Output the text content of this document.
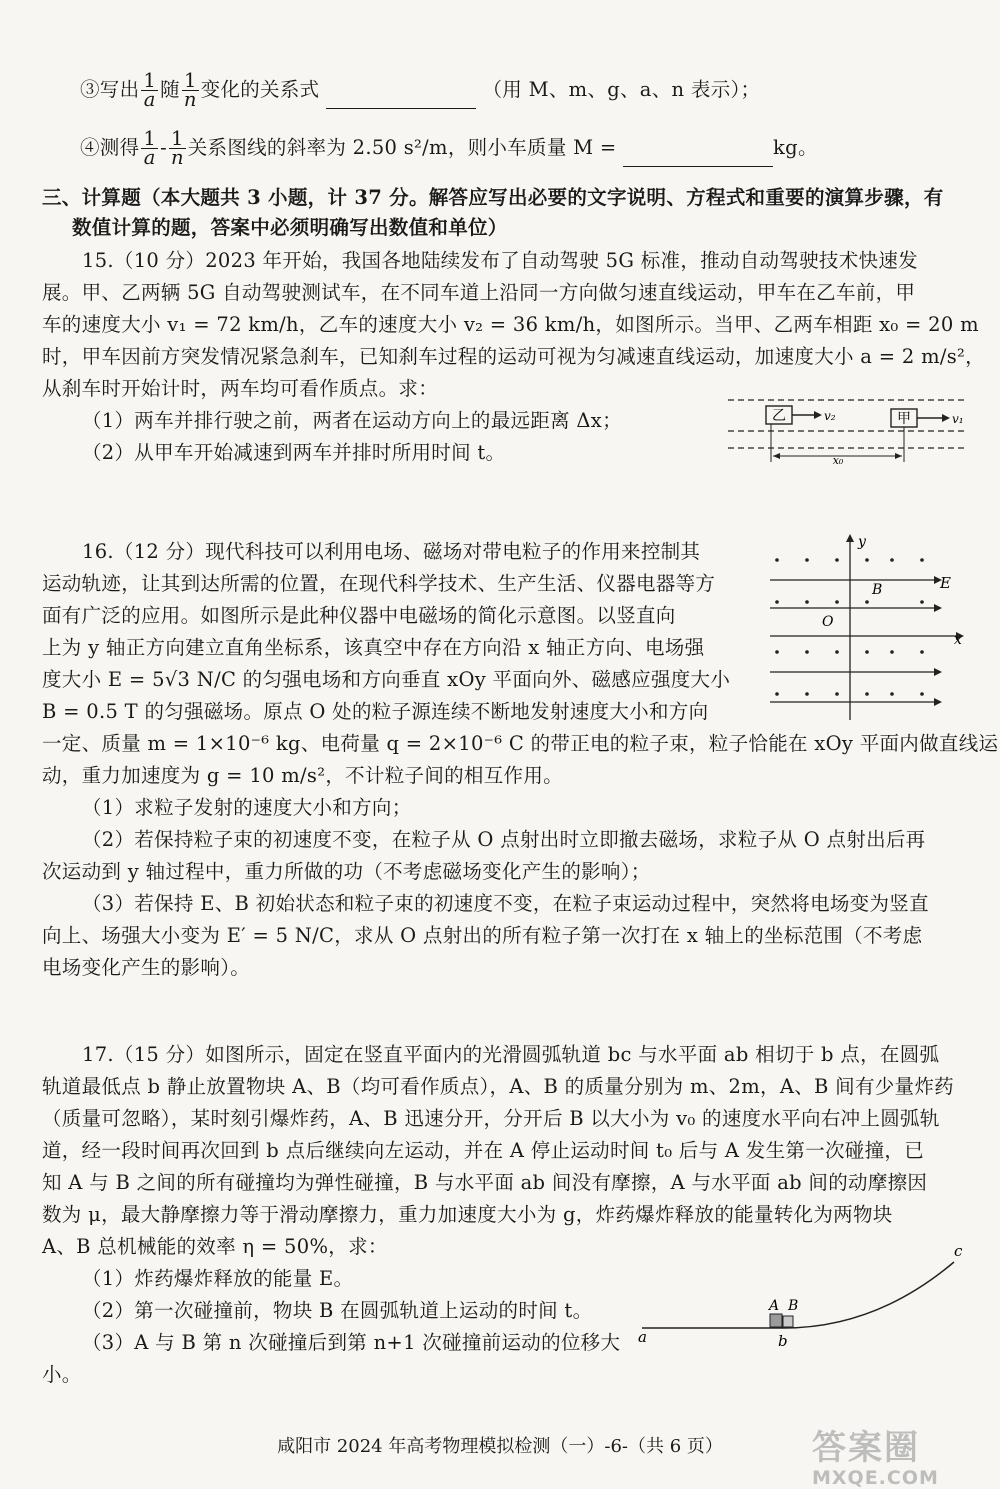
③写出 $\frac{1}{a}$ 随 $\frac{1}{n}$ 变化的关系式	（用 M、m、g、a、n 表示）；
④测得 $\frac{1}{a} - \frac{1}{n}$ 关系图线的斜率为 2.50 s²/m，则小车质量 M =	kg。
三、计算题（本大题共 3 小题，计 37 分。解答应写出必要的文字说明、方程式和重要的演算步骤，有
数值计算的题，答案中必须明确写出数值和单位）
15.（10 分）2023 年开始，我国各地陆续发布了自动驾驶 5G 标准，推动自动驾驶技术快速发
展。甲、乙两辆 5G 自动驾驶测试车，在不同车道上沿同一方向做匀速直线运动，甲车在乙车前，甲
车的速度大小 v₁ = 72 km/h，乙车的速度大小 v₂ = 36 km/h，如图所示。当甲、乙两车相距 x₀ = 20 m
时，甲车因前方突发情况紧急刹车，已知刹车过程的运动可视为匀减速直线运动，加速度大小 a = 2 m/s²，
从刹车时开始计时，两车均可看作质点。求：
（1）两车并排行驶之前，两者在运动方向上的最远距离 Δx；
（2）从甲车开始减速到两车并排时所用时间 t。
乙	v₂	甲	v₁
x₀
16.（12 分）现代科技可以利用电场、磁场对带电粒子的作用来控制其
运动轨迹，让其到达所需的位置，在现代科学技术、生产生活、仪器电器等方
面有广泛的应用。如图所示是此种仪器中电磁场的简化示意图。以竖直向
上为 y 轴正方向建立直角坐标系，该真空中存在方向沿 x 轴正方向、电场强
度大小 E = 5√3 N/C 的匀强电场和方向垂直 xOy 平面向外、磁感应强度大小
B = 0.5 T 的匀强磁场。原点 O 处的粒子源连续不断地发射速度大小和方向
一定、质量 m = 1×10⁻⁶ kg、电荷量 q = 2×10⁻⁶ C 的带正电的粒子束，粒子恰能在 xOy 平面内做直线运
动，重力加速度为 g = 10 m/s²，不计粒子间的相互作用。
（1）求粒子发射的速度大小和方向；
（2）若保持粒子束的初速度不变，在粒子从 O 点射出时立即撤去磁场，求粒子从 O 点射出后再
次运动到 y 轴过程中，重力所做的功（不考虑磁场变化产生的影响）；
（3）若保持 E、B 初始状态和粒子束的初速度不变，在粒子束运动过程中，突然将电场变为竖直
向上、场强大小变为 E′ = 5 N/C，求从 O 点射出的所有粒子第一次打在 x 轴上的坐标范围（不考虑
电场变化产生的影响）。
y
x
O
B	E
17.（15 分）如图所示，固定在竖直平面内的光滑圆弧轨道 bc 与水平面 ab 相切于 b 点，在圆弧
轨道最低点 b 静止放置物块 A、B（均可看作质点），A、B 的质量分别为 m、2m，A、B 间有少量炸药
（质量可忽略），某时刻引爆炸药，A、B 迅速分开，分开后 B 以大小为 v₀ 的速度水平向右冲上圆弧轨
道，经一段时间再次回到 b 点后继续向左运动，并在 A 停止运动时间 t₀ 后与 A 发生第一次碰撞，已
知 A 与 B 之间的所有碰撞均为弹性碰撞，B 与水平面 ab 间没有摩擦，A 与水平面 ab 间的动摩擦因
数为 μ，最大静摩擦力等于滑动摩擦力，重力加速度大小为 g，炸药爆炸释放的能量转化为两物块
A、B 总机械能的效率 η = 50%，求：
（1）炸药爆炸释放的能量 E。
（2）第一次碰撞前，物块 B 在圆弧轨道上运动的时间 t。
（3）A 与 B 第 n 次碰撞后到第 n+1 次碰撞前运动的位移大
小。
A B
a	b
c
咸阳市 2024 年高考物理模拟检测（一）-6-（共 6 页）	答案圈
MXQE.COM
